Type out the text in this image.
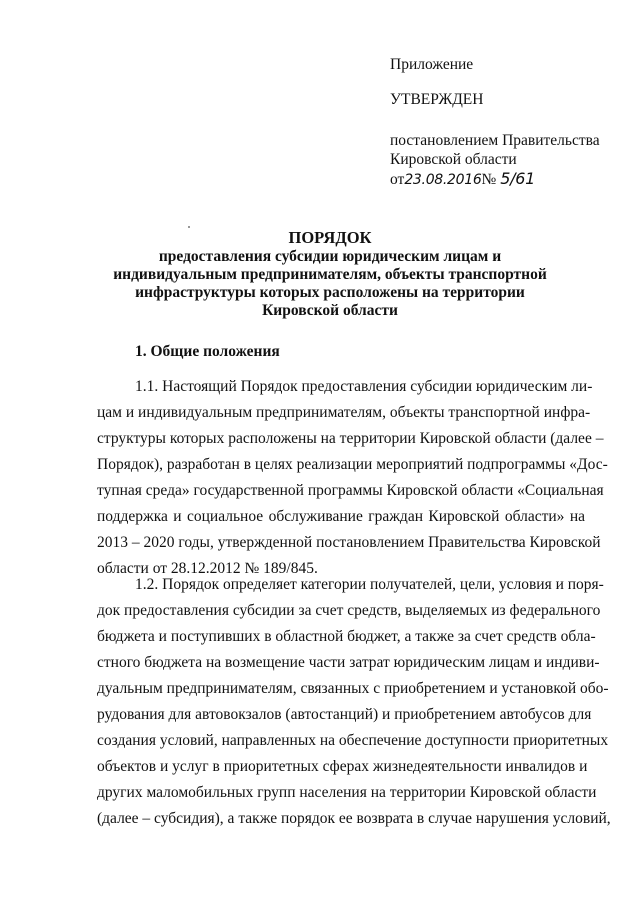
Приложение
УТВЕРЖДЕН
постановлением Правительства
Кировской области
от23.08.2016№ 5/61
ПОРЯДОК
предоставления субсидии юридическим лицам и
индивидуальным предпринимателям, объекты транспортной
инфраструктуры которых расположены на территории
Кировской области
1. Общие положения
1.1. Настоящий Порядок предоставления субсидии юридическим ли-
цам и индивидуальным предпринимателям, объекты транспортной инфра-
структуры которых расположены на территории Кировской области (далее –
Порядок), разработан в целях реализации мероприятий подпрограммы «Дос-
тупная среда» государственной программы Кировской области «Социальная
поддержка и социальное обслуживание граждан Кировской области» на
2013 – 2020 годы, утвержденной постановлением Правительства Кировской
области от 28.12.2012 № 189/845.
1.2. Порядок определяет категории получателей, цели, условия и поря-
док предоставления субсидии за счет средств, выделяемых из федерального
бюджета и поступивших в областной бюджет, а также за счет средств обла-
стного бюджета на возмещение части затрат юридическим лицам и индиви-
дуальным предпринимателям, связанных с приобретением и установкой обо-
рудования для автовокзалов (автостанций) и приобретением автобусов для
создания условий, направленных на обеспечение доступности приоритетных
объектов и услуг в приоритетных сферах жизнедеятельности инвалидов и
других маломобильных групп населения на территории Кировской области
(далее – субсидия), а также порядок ее возврата в случае нарушения условий,
